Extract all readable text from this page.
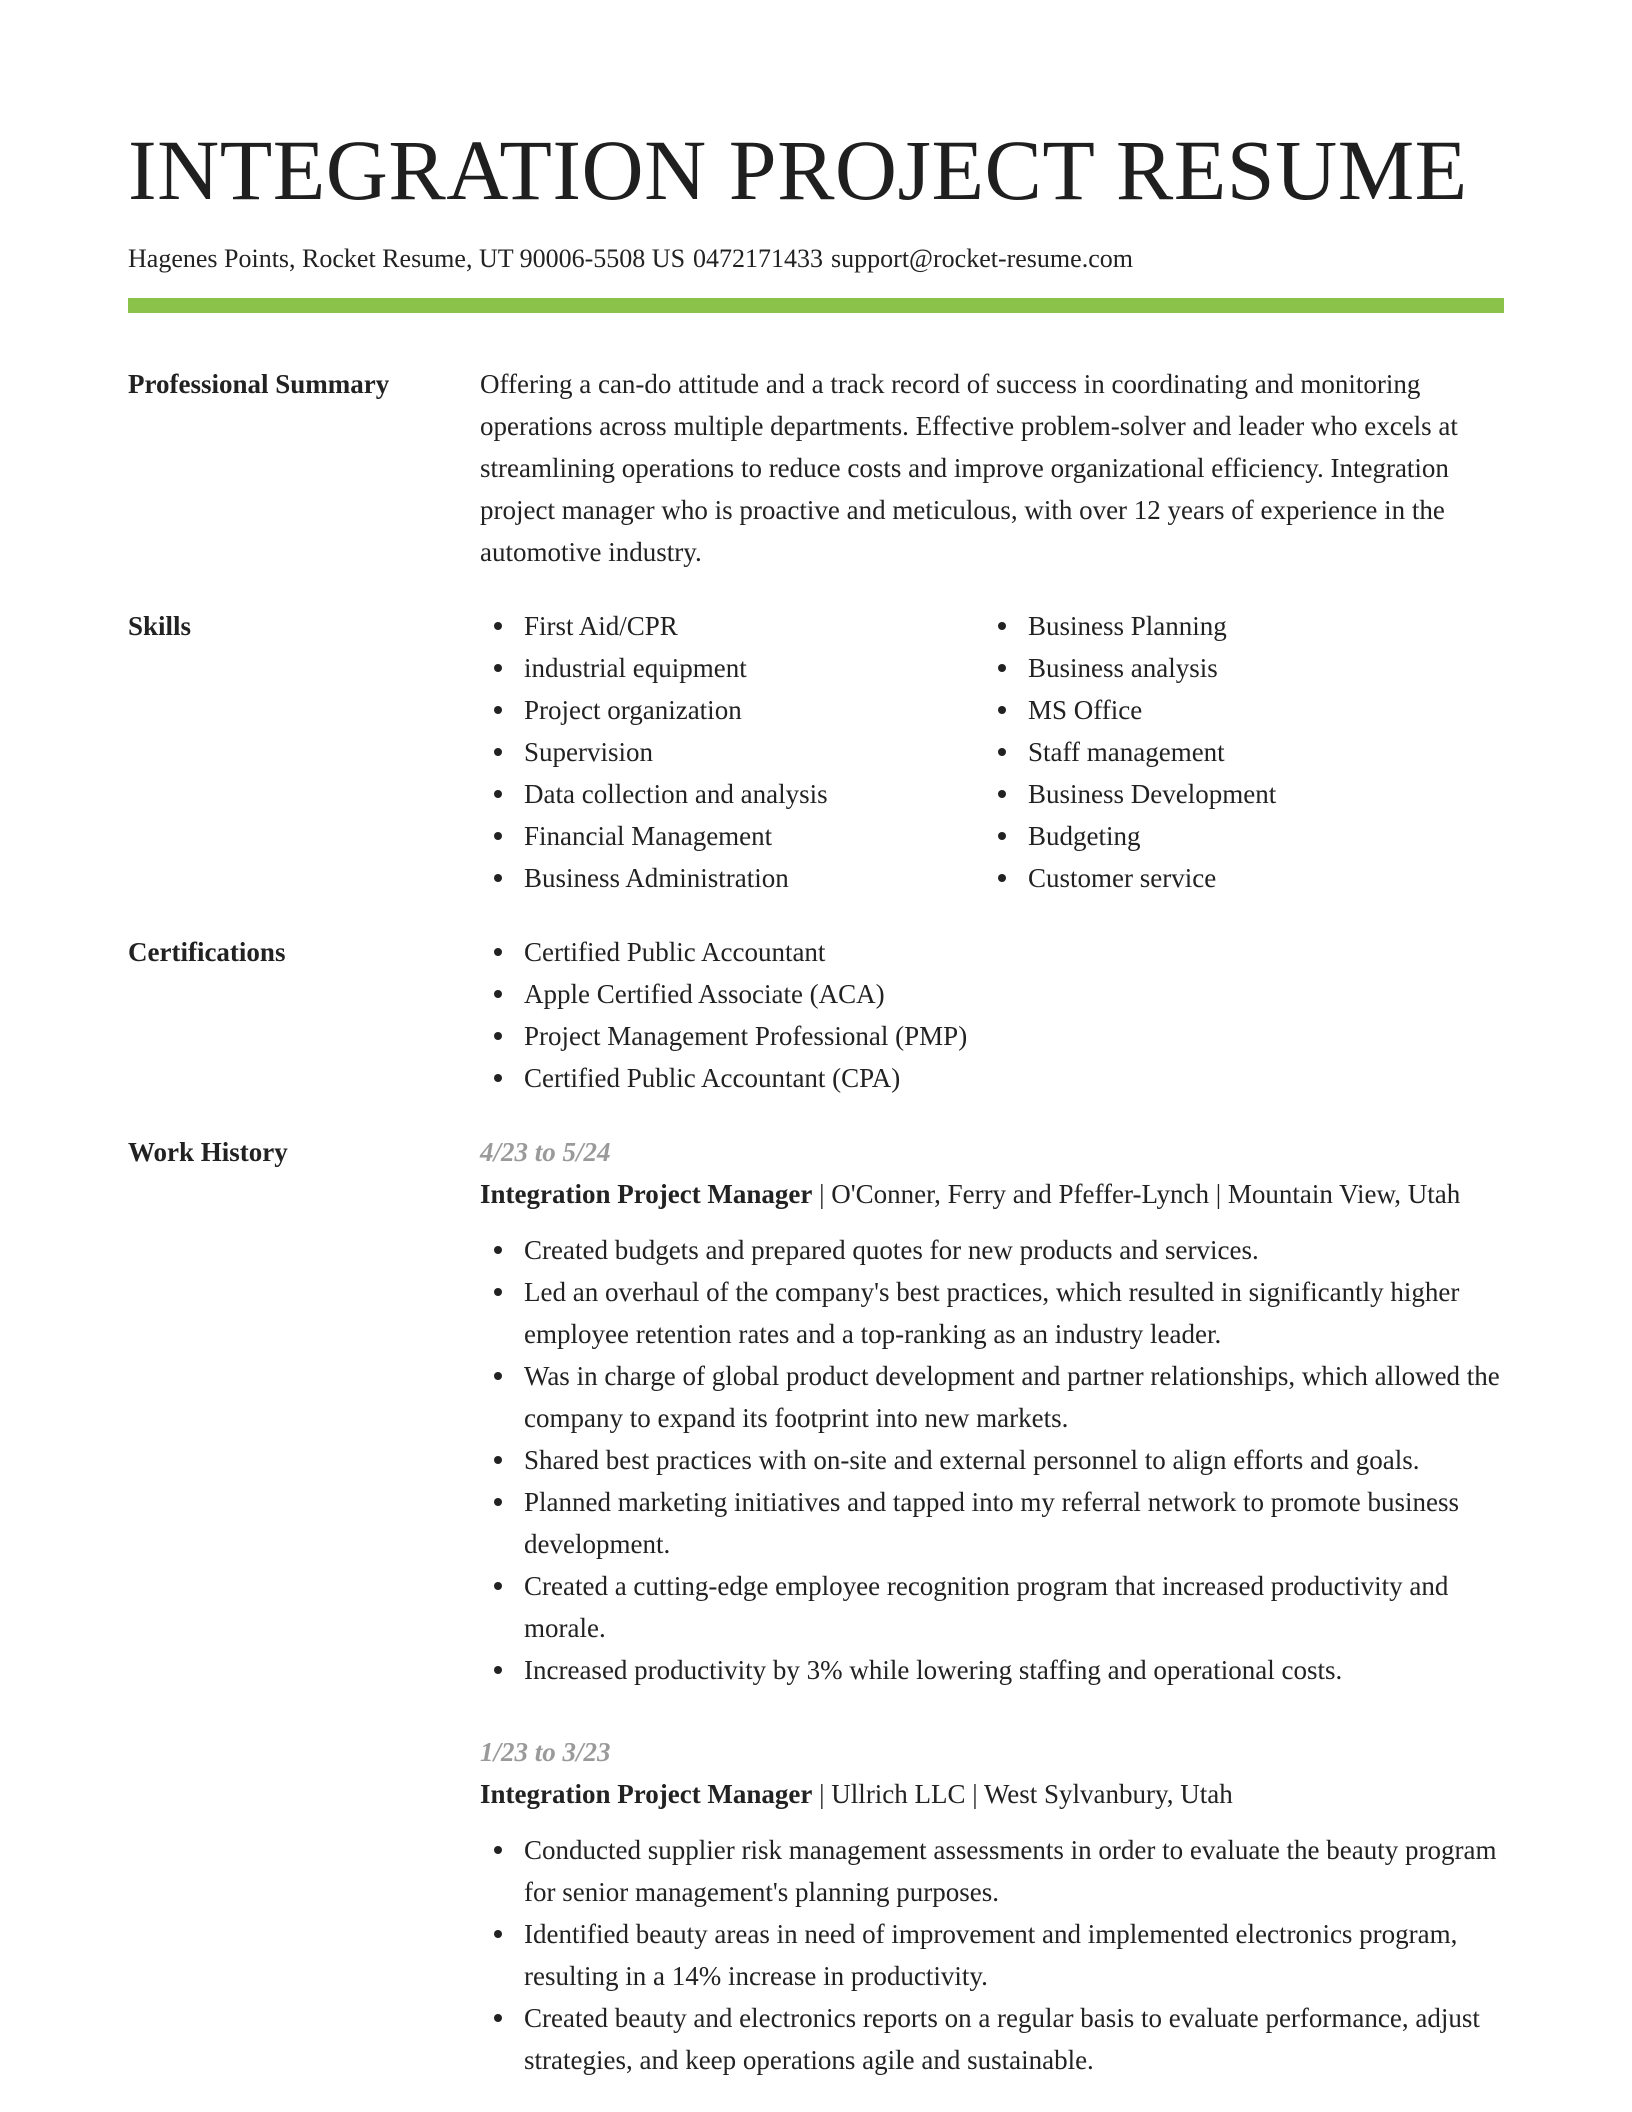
INTEGRATION PROJECT RESUME
Hagenes Points, Rocket Resume, UT 90006-5508 US 0472171433 support@rocket-resume.com
Professional Summary	Offering a can-do attitude and a track record of success in coordinating and monitoring operations across multiple departments. Effective problem-solver and leader who excels at streamlining operations to reduce costs and improve organizational efficiency. Integration project manager who is proactive and meticulous, with over 12 years of experience in the automotive industry.
Skills	First Aid/CPR
industrial equipment
Project organization
Supervision
Data collection and analysis
Financial Management
Business Administration
Business Planning
Business analysis
MS Office
Staff management
Business Development
Budgeting
Customer service
Certifications	Certified Public Accountant
Apple Certified Associate (ACA)
Project Management Professional (PMP)
Certified Public Accountant (CPA)
Work History	4/23 to 5/24
Integration Project Manager | O'Conner, Ferry and Pfeffer-Lynch | Mountain View, Utah
Created budgets and prepared quotes for new products and services.
Led an overhaul of the company's best practices, which resulted in significantly higher employee retention rates and a top-ranking as an industry leader.
Was in charge of global product development and partner relationships, which allowed the company to expand its footprint into new markets.
Shared best practices with on-site and external personnel to align efforts and goals.
Planned marketing initiatives and tapped into my referral network to promote business development.
Created a cutting-edge employee recognition program that increased productivity and morale.
Increased productivity by 3% while lowering staffing and operational costs.
1/23 to 3/23
Integration Project Manager | Ullrich LLC | West Sylvanbury, Utah
Conducted supplier risk management assessments in order to evaluate the beauty program for senior management's planning purposes.
Identified beauty areas in need of improvement and implemented electronics program, resulting in a 14% increase in productivity.
Created beauty and electronics reports on a regular basis to evaluate performance, adjust strategies, and keep operations agile and sustainable.
